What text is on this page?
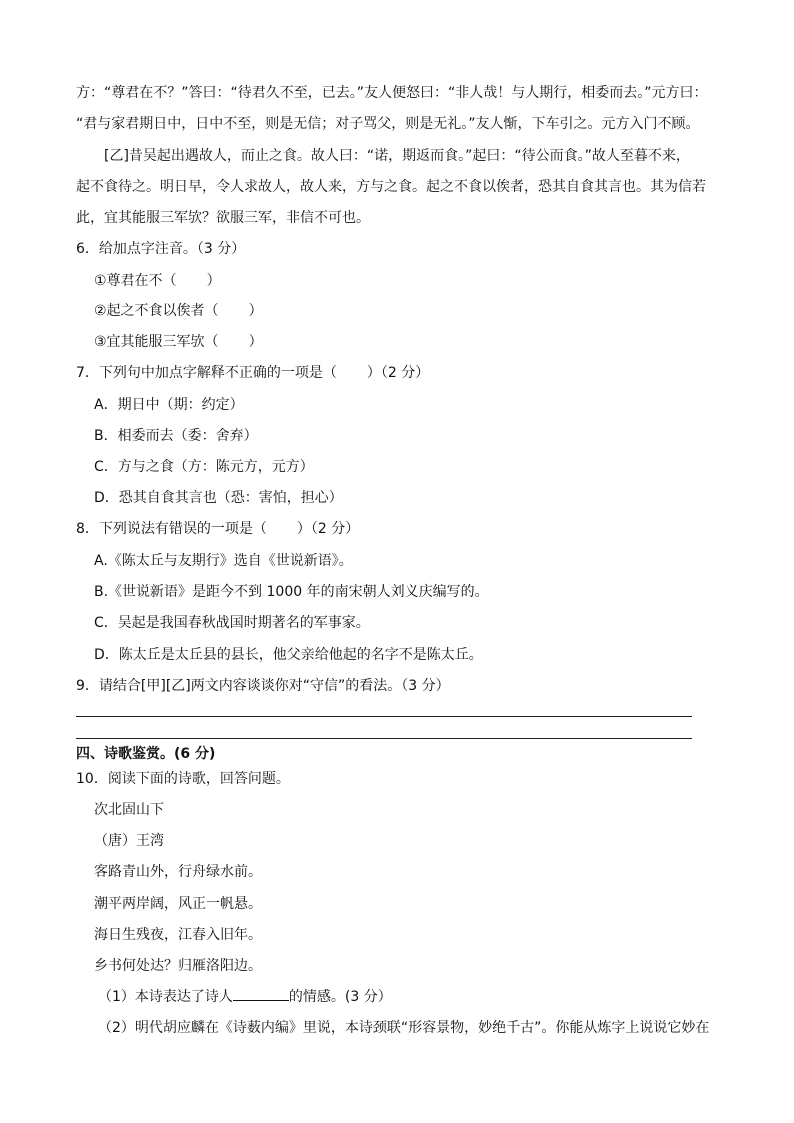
方：“尊君在不？”答曰：“待君久不至，已去。”友人便怒曰：“非人哉！与人期行，相委而去。”元方曰：
“君与家君期日中，日中不至，则是无信；对子骂父，则是无礼。”友人惭，下车引之。元方入门不顾。
[乙]昔吴起出遇故人，而止之食。故人曰：“诺，期返而食。”起曰：“待公而食。”故人至暮不来，
起不食待之。明日早，令人求故人，故人来，方与之食。起之不食以俟者，恐其自食其言也。其为信若
此，宜其能服三军欤？欲服三军，非信不可也。
6．给加点字注音。（3 分）
①尊君在不（ ）
②起之不食以俟者（ ）
③宜其能服三军欤（ ）
7．下列句中加点字解释不正确的一项是（ ）（2 分）
A．期日中（期：约定）
B．相委而去（委：舍弃）
C．方与之食（方：陈元方，元方）
D．恐其自食其言也（恐：害怕，担心）
8．下列说法有错误的一项是（ ）（2 分）
A.《陈太丘与友期行》选自《世说新语》。
B.《世说新语》是距今不到 1000 年的南宋朝人刘义庆编写的。
C．吴起是我国春秋战国时期著名的军事家。
D．陈太丘是太丘县的县长，他父亲给他起的名字不是陈太丘。
9．请结合[甲][乙]两文内容谈谈你对“守信”的看法。（3 分）
四、诗歌鉴赏。(6 分)
10．阅读下面的诗歌，回答问题。
次北固山下
（唐）王湾
客路青山外，行舟绿水前。
潮平两岸阔，风正一帆悬。
海日生残夜，江春入旧年。
乡书何处达？归雁洛阳边。
（1）本诗表达了诗人	的情感。(3 分）
（2）明代胡应麟在《诗薮内编》里说，本诗颈联“形容景物，妙绝千古”。你能从炼字上说说它妙在
